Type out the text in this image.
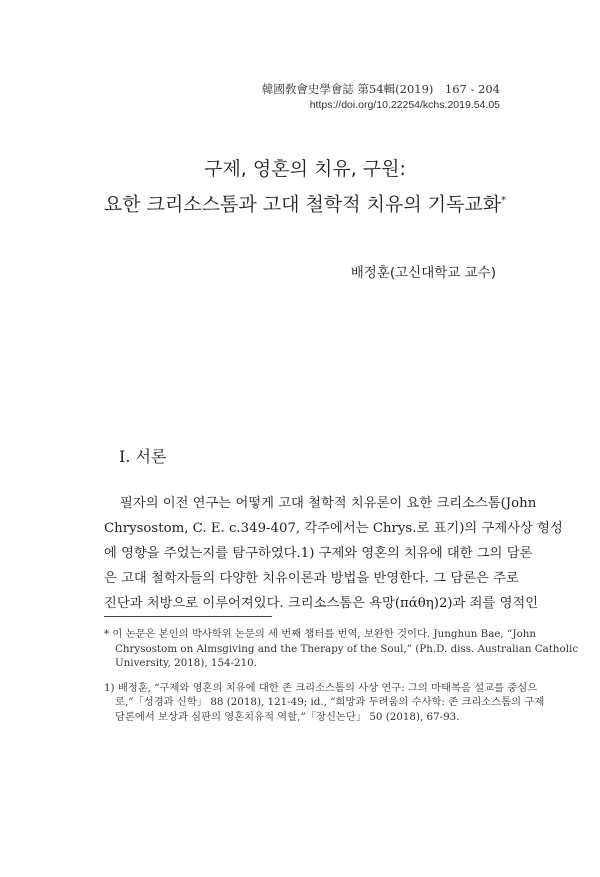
韓國敎會史學會誌 第54輯(2019)　167 - 204
https://doi.org/10.22254/kchs.2019.54.05
구제, 영혼의 치유, 구원:
요한 크리소스톰과 고대 철학적 치유의 기독교화*
배정훈(고신대학교 교수)
I. 서론
필자의 이전 연구는 어떻게 고대 철학적 치유론이 요한 크리소스톰(John
Chrysostom, C. E. c.349-407, 각주에서는 Chrys.로 표기)의 구제사상 형성
에 영향을 주었는지를 탐구하였다.1) 구제와 영혼의 치유에 대한 그의 담론
은 고대 철학자들의 다양한 치유이론과 방법을 반영한다. 그 담론은 주로
진단과 처방으로 이루어져있다. 크리소스톰은 욕망(πάθη)2)과 죄를 영적인
* 이 논문은 본인의 박사학위 논문의 세 번째 챕터를 번역, 보완한 것이다. Junghun Bae, “John
Chrysostom on Almsgiving and the Therapy of the Soul,” (Ph.D. diss. Australian Catholic
University, 2018), 154-210.
1) 배정훈, “구제와 영혼의 치유에 대한 존 크리소스톰의 사상 연구: 그의 마태복음 설교를 중심으
로,”「성경과 신학」 88 (2018), 121-49; id., “희망과 두려움의 수사학: 존 크리소스톰의 구제
담론에서 보상과 심판의 영혼치유적 역할,”「장신논단」 50 (2018), 67-93.
